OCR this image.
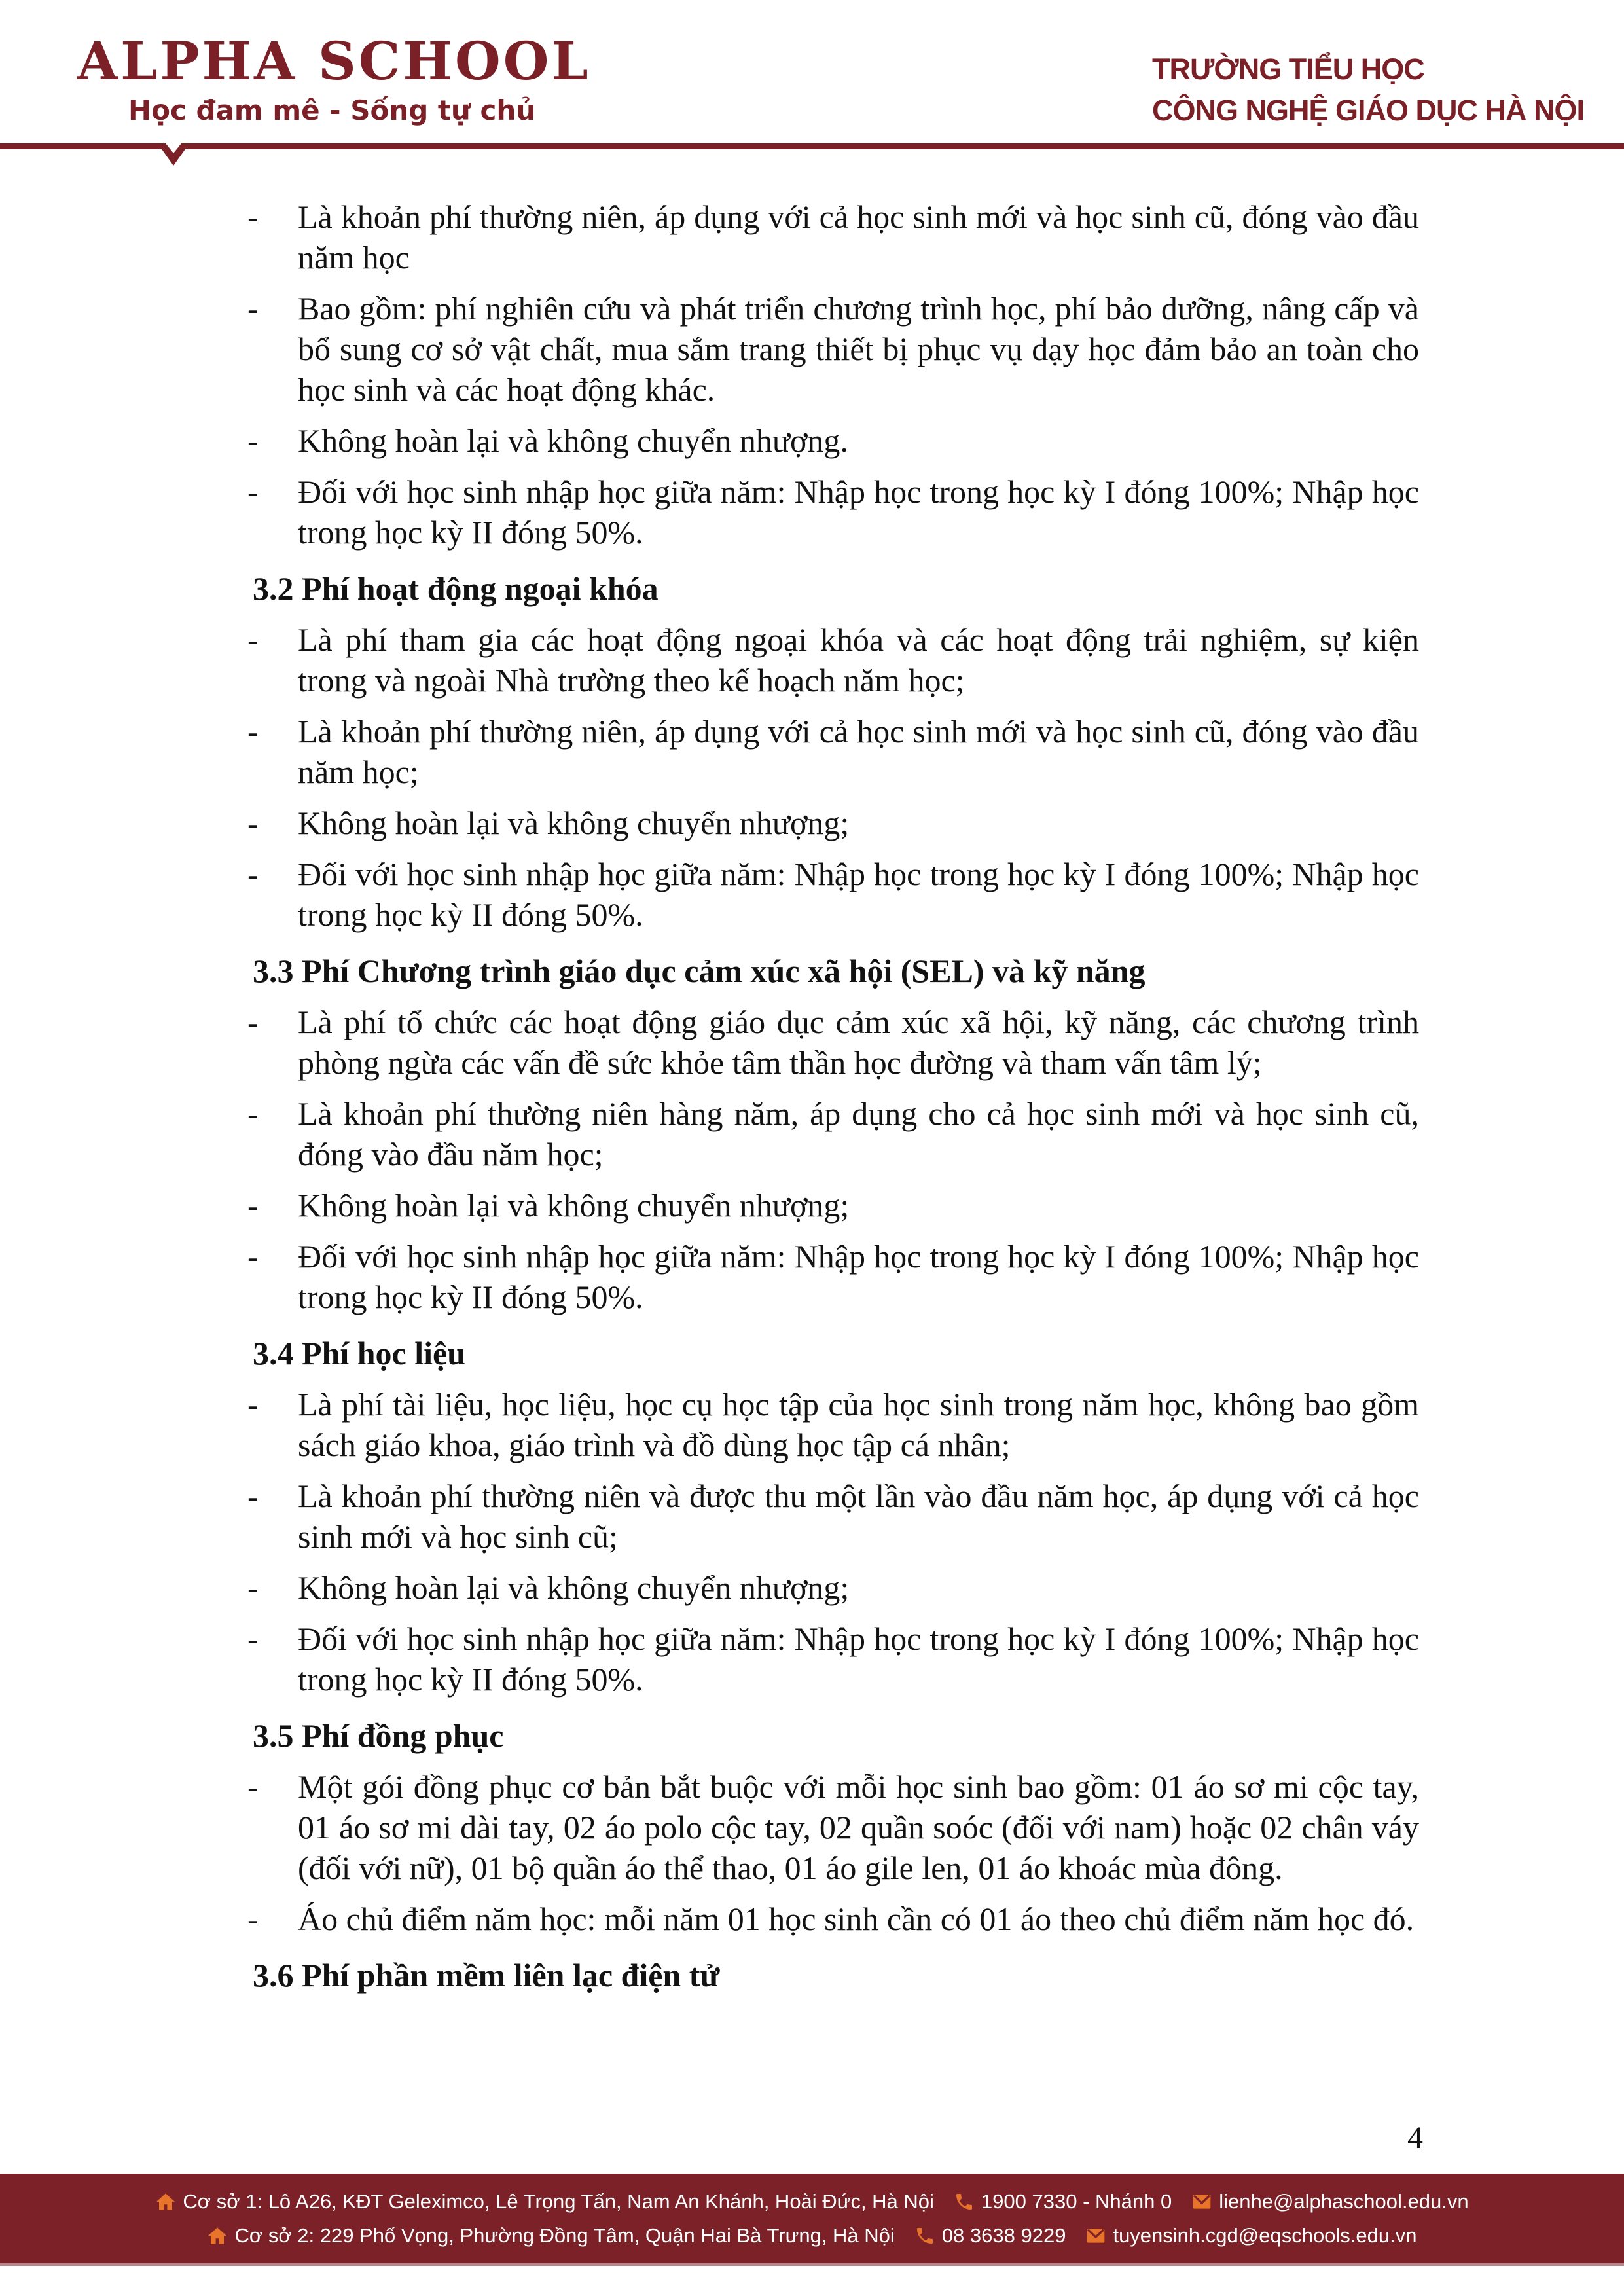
ALPHA SCHOOL
Học đam mê - Sống tự chủ
TRƯỜNG TIỂU HỌC
CÔNG NGHỆ GIÁO DỤC HÀ NỘI
-	Là khoản phí thường niên, áp dụng với cả học sinh mới và học sinh cũ, đóng vào đầu năm học
-	Bao gồm: phí nghiên cứu và phát triển chương trình học, phí bảo dưỡng, nâng cấp và bổ sung cơ sở vật chất, mua sắm trang thiết bị phục vụ dạy học đảm bảo an toàn cho học sinh và các hoạt động khác.
-	Không hoàn lại và không chuyển nhượng.
-	Đối với học sinh nhập học giữa năm: Nhập học trong học kỳ I đóng 100%; Nhập học trong học kỳ II đóng 50%.
3.2 Phí hoạt động ngoại khóa
-	Là phí tham gia các hoạt động ngoại khóa và các hoạt động trải nghiệm, sự kiện trong và ngoài Nhà trường theo kế hoạch năm học;
-	Là khoản phí thường niên, áp dụng với cả học sinh mới và học sinh cũ, đóng vào đầu năm học;
-	Không hoàn lại và không chuyển nhượng;
-	Đối với học sinh nhập học giữa năm: Nhập học trong học kỳ I đóng 100%; Nhập học trong học kỳ II đóng 50%.
3.3 Phí Chương trình giáo dục cảm xúc xã hội (SEL) và kỹ năng
-	Là phí tổ chức các hoạt động giáo dục cảm xúc xã hội, kỹ năng, các chương trình phòng ngừa các vấn đề sức khỏe tâm thần học đường và tham vấn tâm lý;
-	Là khoản phí thường niên hàng năm, áp dụng cho cả học sinh mới và học sinh cũ, đóng vào đầu năm học;
-	Không hoàn lại và không chuyển nhượng;
-	Đối với học sinh nhập học giữa năm: Nhập học trong học kỳ I đóng 100%; Nhập học trong học kỳ II đóng 50%.
3.4 Phí học liệu
-	Là phí tài liệu, học liệu, học cụ học tập của học sinh trong năm học, không bao gồm sách giáo khoa, giáo trình và đồ dùng học tập cá nhân;
-	Là khoản phí thường niên và được thu một lần vào đầu năm học, áp dụng với cả học sinh mới và học sinh cũ;
-	Không hoàn lại và không chuyển nhượng;
-	Đối với học sinh nhập học giữa năm: Nhập học trong học kỳ I đóng 100%; Nhập học trong học kỳ II đóng 50%.
3.5 Phí đồng phục
-	Một gói đồng phục cơ bản bắt buộc với mỗi học sinh bao gồm: 01 áo sơ mi cộc tay, 01 áo sơ mi dài tay, 02 áo polo cộc tay, 02 quần soóc (đối với nam) hoặc 02 chân váy (đối với nữ), 01 bộ quần áo thể thao, 01 áo gile len, 01 áo khoác mùa đông.
-	Áo chủ điểm năm học: mỗi năm 01 học sinh cần có 01 áo theo chủ điểm năm học đó.
3.6 Phí phần mềm liên lạc điện tử
4
Cơ sở 1: Lô A26, KĐT Geleximco, Lê Trọng Tấn, Nam An Khánh, Hoài Đức, Hà Nội 1900 7330 - Nhánh 0 lienhe@alphaschool.edu.vn
Cơ sở 2: 229 Phố Vọng, Phường Đồng Tâm, Quận Hai Bà Trưng, Hà Nội 08 3638 9229 tuyensinh.cgd@eqschools.edu.vn
